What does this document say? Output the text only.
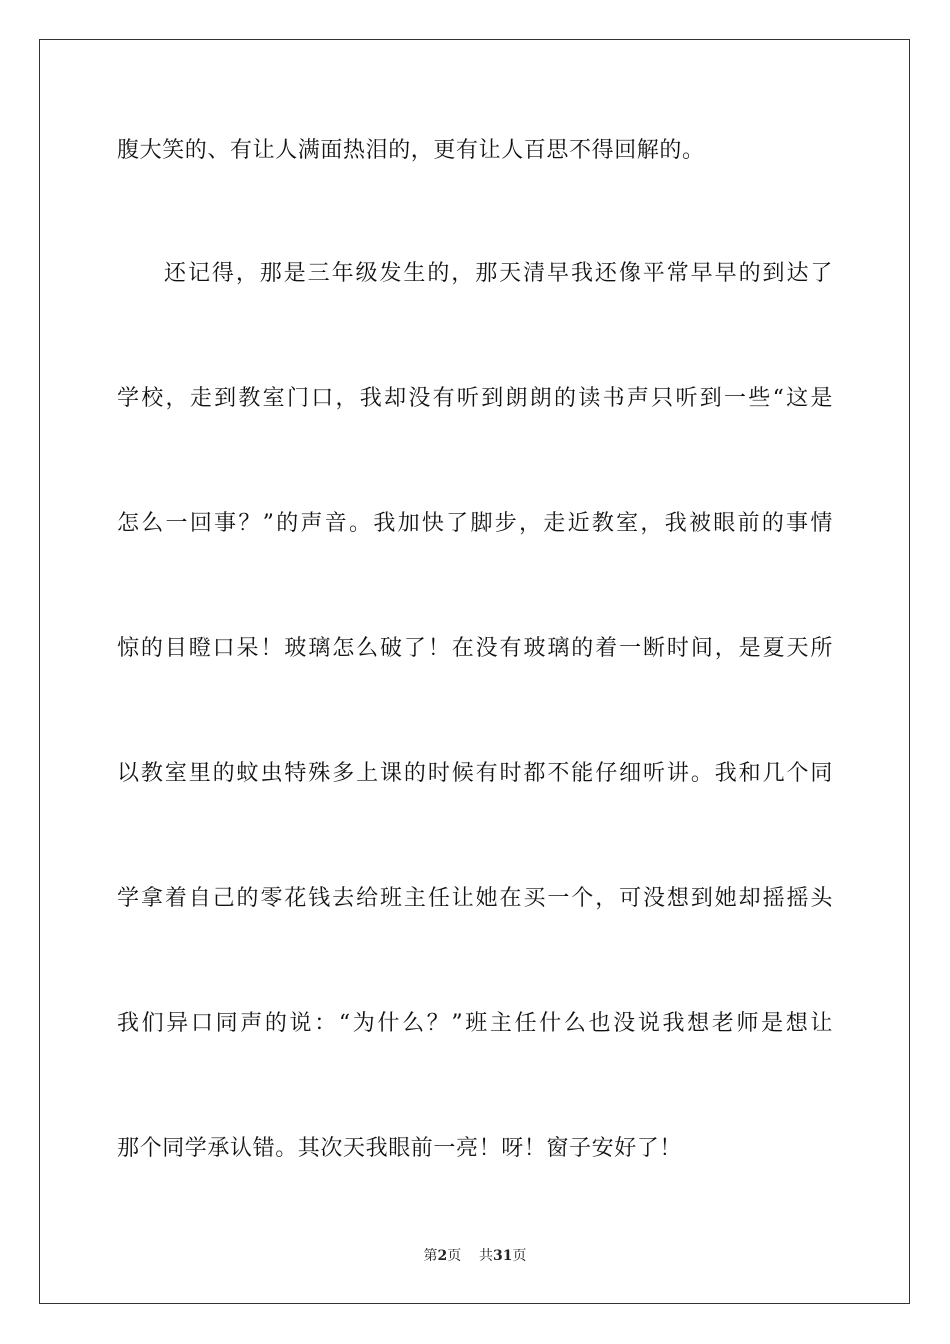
腹大笑的、有让人满面热泪的，更有让人百思不得回解的。
还记得，那是三年级发生的，那天清早我还像平常早早的到达了
学校，走到教室门口，我却没有听到朗朗的读书声只听到一些“这是
怎么一回事？”的声音。我加快了脚步，走近教室，我被眼前的事情
惊的目瞪口呆！玻璃怎么破了！在没有玻璃的着一断时间，是夏天所
以教室里的蚊虫特殊多上课的时候有时都不能仔细听讲。我和几个同
学拿着自己的零花钱去给班主任让她在买一个，可没想到她却摇摇头
我们异口同声的说：“为什么？”班主任什么也没说我想老师是想让
那个同学承认错。其次天我眼前一亮！呀！窗子安好了！
第2页 共31页
